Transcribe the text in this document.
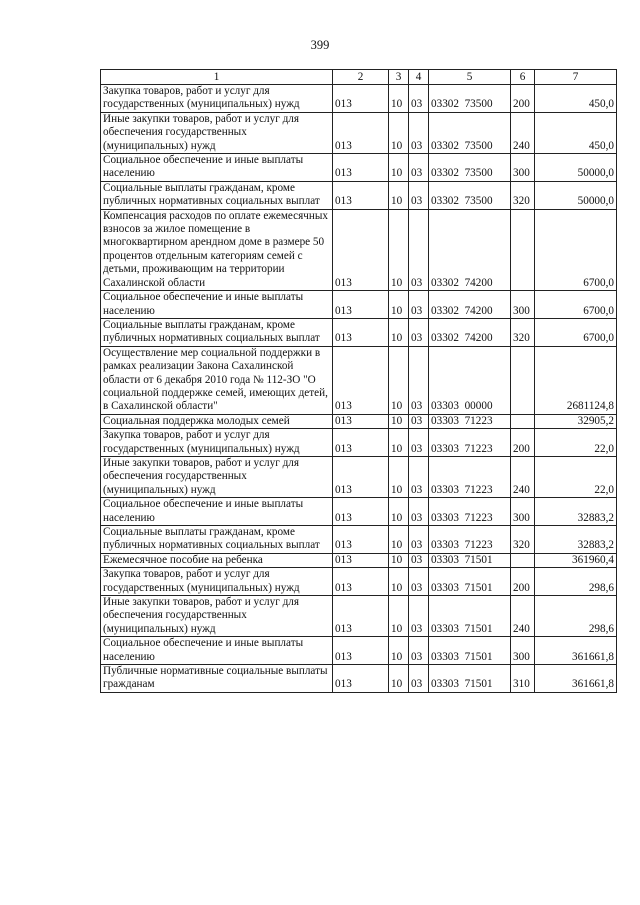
399
1	2	3	4	5	6	7
Закупка товаров, работ и услуг для государственных (муниципальных) нужд	013	10	03	03302  73500	200	450,0
Иные закупки товаров, работ и услуг для обеспечения государственных (муниципальных) нужд	013	10	03	03302  73500	240	450,0
Социальное обеспечение и иные выплаты населению	013	10	03	03302  73500	300	50000,0
Социальные выплаты гражданам, кроме публичных нормативных социальных выплат	013	10	03	03302  73500	320	50000,0
Компенсация расходов по оплате ежемесячных взносов за жилое помещение в многоквартирном арендном доме в размере 50 процентов отдельным категориям семей с детьми, проживающим на территории Сахалинской области	013	10	03	03302  74200		6700,0
Социальное обеспечение и иные выплаты населению	013	10	03	03302  74200	300	6700,0
Социальные выплаты гражданам, кроме публичных нормативных социальных выплат	013	10	03	03302  74200	320	6700,0
Осуществление мер социальной поддержки в рамках реализации Закона Сахалинской области от 6 декабря 2010 года № 112-ЗО "О социальной поддержке семей, имеющих детей, в Сахалинской области"	013	10	03	03303  00000		2681124,8
Социальная поддержка молодых семей	013	10	03	03303  71223		32905,2
Закупка товаров, работ и услуг для государственных (муниципальных) нужд	013	10	03	03303  71223	200	22,0
Иные закупки товаров, работ и услуг для обеспечения государственных (муниципальных) нужд	013	10	03	03303  71223	240	22,0
Социальное обеспечение и иные выплаты населению	013	10	03	03303  71223	300	32883,2
Социальные выплаты гражданам, кроме публичных нормативных социальных выплат	013	10	03	03303  71223	320	32883,2
Ежемесячное пособие на ребенка	013	10	03	03303  71501		361960,4
Закупка товаров, работ и услуг для государственных (муниципальных) нужд	013	10	03	03303  71501	200	298,6
Иные закупки товаров, работ и услуг для обеспечения государственных (муниципальных) нужд	013	10	03	03303  71501	240	298,6
Социальное обеспечение и иные выплаты населению	013	10	03	03303  71501	300	361661,8
Публичные нормативные социальные выплаты гражданам	013	10	03	03303  71501	310	361661,8
